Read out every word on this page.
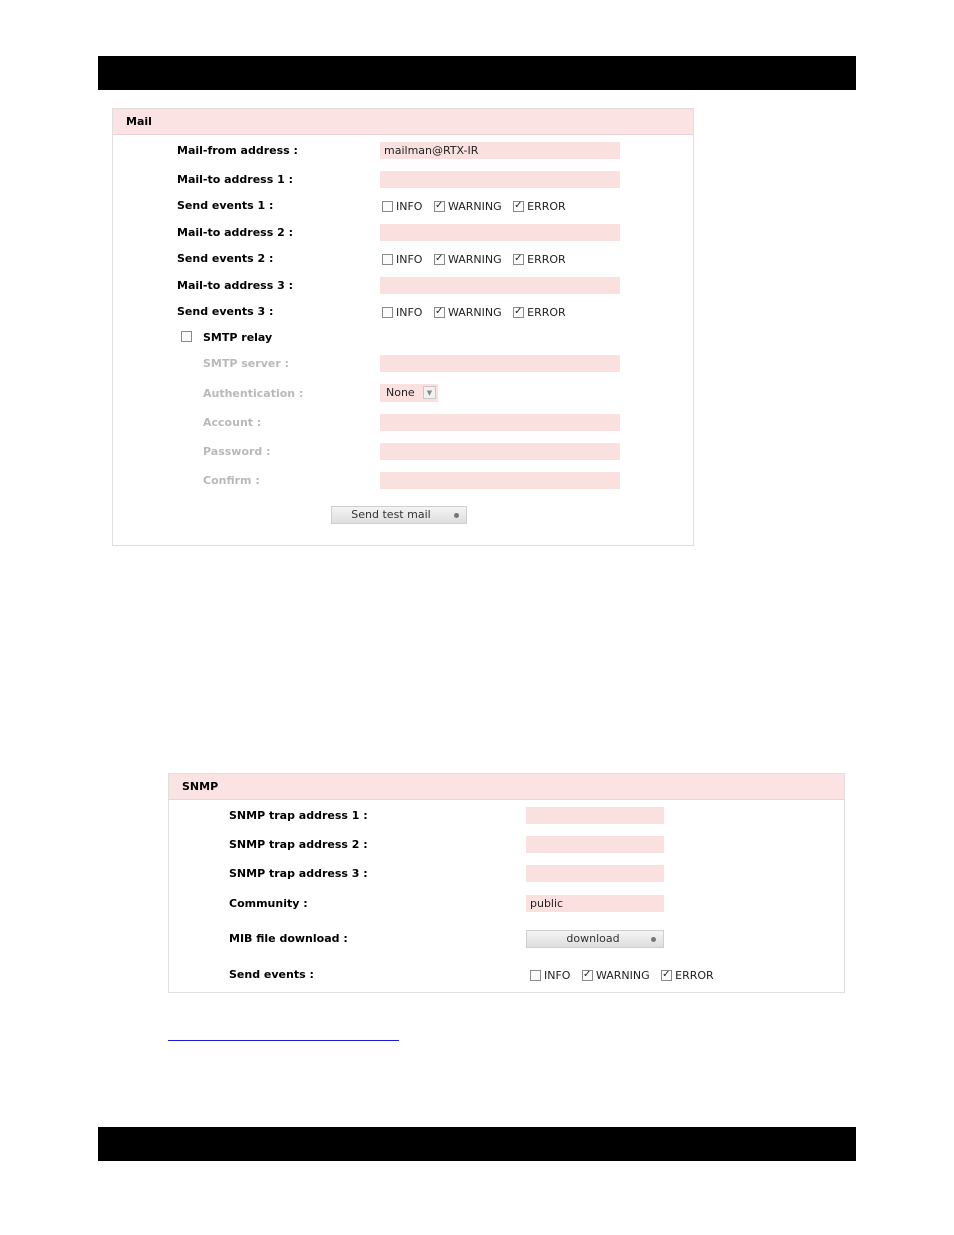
Mail
Mail-from address :	mailman@RTX-IR
Mail-to address 1 :
Send events 1 :	INFO ✓ WARNING ✓ ERROR
Mail-to address 2 :
Send events 2 :	INFO ✓ WARNING ✓ ERROR
Mail-to address 3 :
Send events 3 :	INFO ✓ WARNING ✓ ERROR
SMTP relay
SMTP server :
Authentication :	None	▼
Account :
Password :
Confirm :
Send test mail
SNMP
SNMP trap address 1 :
SNMP trap address 2 :
SNMP trap address 3 :
Community :	public
MIB file download :	download
Send events :	INFO ✓ WARNING ✓ ERROR
